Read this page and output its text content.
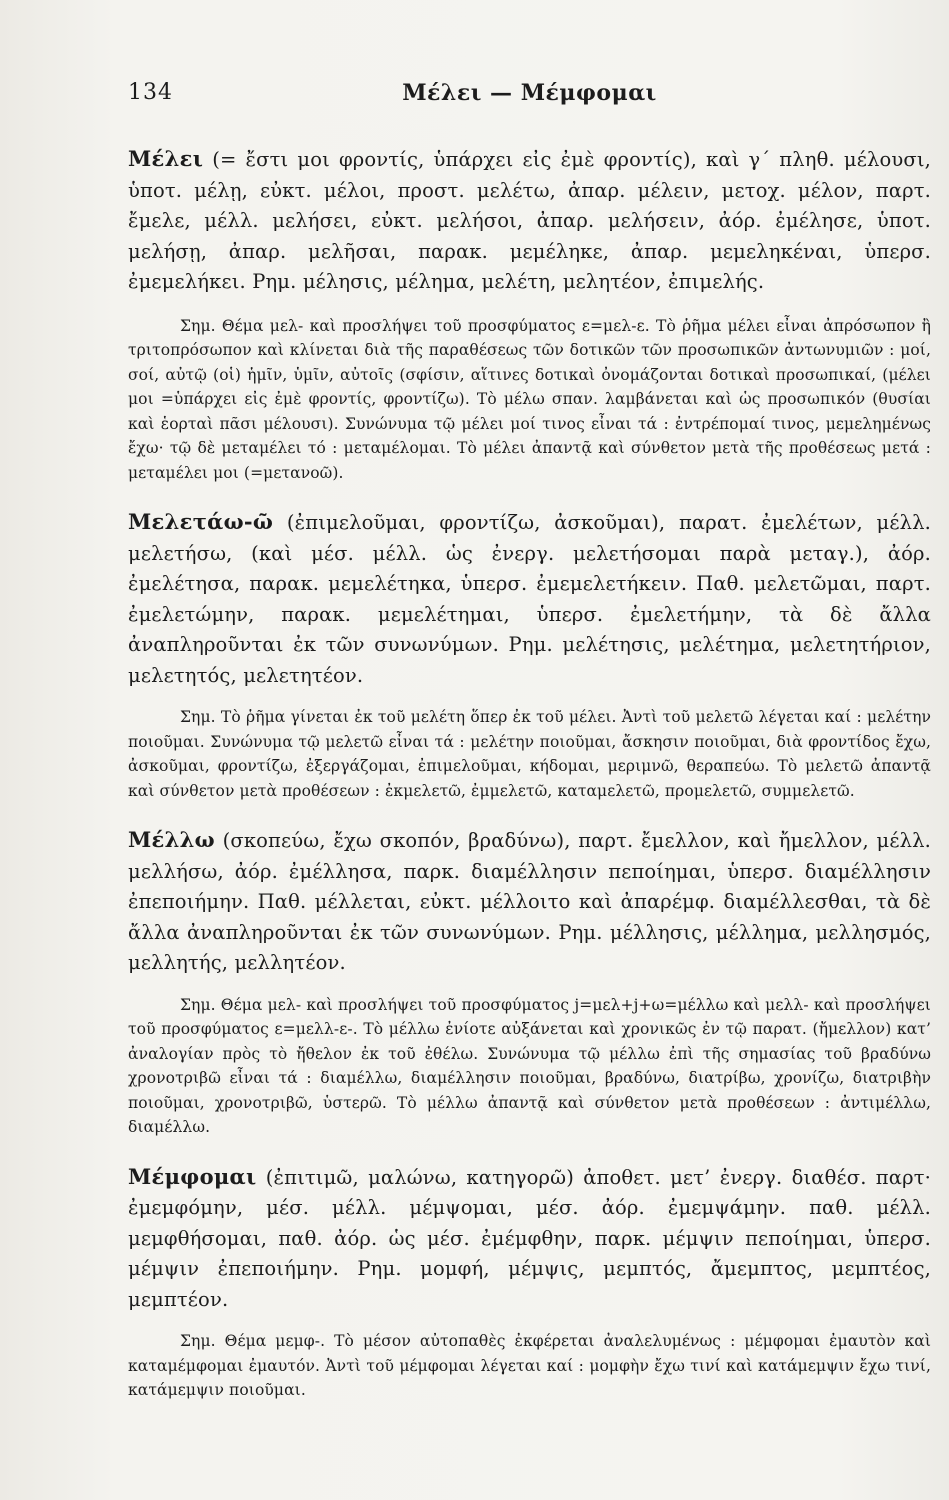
134	Μέλει — Μέμφομαι
Μέλει (= ἔστι μοι φροντίς, ὑπάρχει εἰς ἐμὲ φροντίς), καὶ γ΄ πληθ. μέλουσι, ὑποτ. μέλῃ, εὐκτ. μέλοι, προστ. μελέτω, ἀπαρ. μέλειν, μετοχ. μέλον, παρτ. ἔμελε, μέλλ. μελήσει, εὐκτ. μελήσοι, ἀπαρ. μελήσειν, ἀόρ. ἐμέλησε, ὑποτ. μελήσῃ, ἀπαρ. μελῆσαι, παρακ. μεμέληκε, ἀπαρ. μεμεληκέναι, ὑπερσ. ἐμεμελήκει. Ρημ. μέλησις, μέλημα, μελέτη, μελητέον, ἐπιμελής.
Σημ. Θέμα μελ- καὶ προσλήψει τοῦ προσφύματος ε=μελ-ε. Τὸ ῥῆμα μέλει εἶναι ἀπρόσωπον ἢ τριτοπρόσωπον καὶ κλίνεται διὰ τῆς παραθέσεως τῶν δοτικῶν τῶν προσωπικῶν ἀντωνυμιῶν : μοί, σοί, αὐτῷ (οἱ) ἡμῖν, ὑμῖν, αὐτοῖς (σφίσιν, αἵτινες δοτικαὶ ὀνομάζονται δοτικαὶ προσωπικαί, (μέλει μοι =ὑπάρχει εἰς ἐμὲ φροντίς, φροντίζω). Τὸ μέλω σπαν. λαμβάνεται καὶ ὡς προσωπικόν (θυσίαι καὶ ἑορταὶ πᾶσι μέλουσι). Συνώνυμα τῷ μέλει μοί τινος εἶναι τά : ἐντρέπομαί τινος, μεμελημένως ἔχω· τῷ δὲ μεταμέλει τό : μεταμέλομαι. Τὸ μέλει ἀπαντᾷ καὶ σύνθετον μετὰ τῆς προθέσεως μετά : μεταμέλει μοι (=μετανοῶ).
Μελετάω-ῶ (ἐπιμελοῦμαι, φροντίζω, ἀσκοῦμαι), παρατ. ἐμελέτων, μέλλ. μελετήσω, (καὶ μέσ. μέλλ. ὡς ἐνεργ. μελετήσομαι παρὰ μεταγ.), ἀόρ. ἐμελέτησα, παρακ. μεμελέτηκα, ὑπερσ. ἐμεμελετήκειν. Παθ. μελετῶμαι, παρτ. ἐμελετώμην, παρακ. μεμελέτημαι, ὑπερσ. ἐμελετήμην, τὰ δὲ ἄλλα ἀναπληροῦνται ἐκ τῶν συνωνύμων. Ρημ. μελέτησις, μελέτημα, μελετητήριον, μελετητός, μελετητέον.
Σημ. Τὸ ῥῆμα γίνεται ἐκ τοῦ μελέτη ὅπερ ἐκ τοῦ μέλει. Ἀντὶ τοῦ μελετῶ λέγεται καί : μελέτην ποιοῦμαι. Συνώνυμα τῷ μελετῶ εἶναι τά : μελέτην ποιοῦμαι, ἄσκησιν ποιοῦμαι, διὰ φροντίδος ἔχω, ἀσκοῦμαι, φροντίζω, ἐξεργάζομαι, ἐπιμελοῦμαι, κήδομαι, μεριμνῶ, θεραπεύω. Τὸ μελετῶ ἀπαντᾷ καὶ σύνθετον μετὰ προθέσεων : ἐκμελετῶ, ἐμμελετῶ, καταμελετῶ, προμελετῶ, συμμελετῶ.
Μέλλω (σκοπεύω, ἔχω σκοπόν, βραδύνω), παρτ. ἔμελλον, καὶ ἤμελλον, μέλλ. μελλήσω, ἀόρ. ἐμέλλησα, παρκ. διαμέλλησιν πεποίημαι, ὑπερσ. διαμέλλησιν ἐπεποιήμην. Παθ. μέλλεται, εὐκτ. μέλλοιτο καὶ ἀπαρέμφ. διαμέλλεσθαι, τὰ δὲ ἄλλα ἀναπληροῦνται ἐκ τῶν συνωνύμων. Ρημ. μέλλησις, μέλλημα, μελλησμός, μελλητής, μελλητέον.
Σημ. Θέμα μελ- καὶ προσλήψει τοῦ προσφύματος j=μελ+j+ω=μέλλω καὶ μελλ- καὶ προσλήψει τοῦ προσφύματος ε=μελλ-ε-. Τὸ μέλλω ἐνίοτε αὐξάνεται καὶ χρονικῶς ἐν τῷ παρατ. (ἤμελλον) κατ’ ἀναλογίαν πρὸς τὸ ἤθελον ἐκ τοῦ ἐθέλω. Συνώνυμα τῷ μέλλω ἐπὶ τῆς σημασίας τοῦ βραδύνω χρονοτριβῶ εἶναι τά : διαμέλλω, διαμέλλησιν ποιοῦμαι, βραδύνω, διατρίβω, χρονίζω, διατριβὴν ποιοῦμαι, χρονοτριβῶ, ὑστερῶ. Τὸ μέλλω ἀπαντᾷ καὶ σύνθετον μετὰ προθέσεων : ἀντιμέλλω, διαμέλλω.
Μέμφομαι (ἐπιτιμῶ, μαλώνω, κατηγορῶ) ἀποθετ. μετ’ ἐνεργ. διαθέσ. παρτ· ἐμεμφόμην, μέσ. μέλλ. μέμψομαι, μέσ. ἀόρ. ἐμεμψάμην. παθ. μέλλ. μεμφθήσομαι, παθ. ἀόρ. ὡς μέσ. ἐμέμφθην, παρκ. μέμψιν πεποίημαι, ὑπερσ. μέμψιν ἐπεποιήμην. Ρημ. μομφή, μέμψις, μεμπτός, ἄμεμπτος, μεμπτέος, μεμπτέον.
Σημ. Θέμα μεμφ-. Τὸ μέσον αὐτοπαθὲς ἐκφέρεται ἀναλελυμένως : μέμφομαι ἐμαυτὸν καὶ καταμέμφομαι ἐμαυτόν. Ἀντὶ τοῦ μέμφομαι λέγεται καί : μομφὴν ἔχω τινί καὶ κατάμεμψιν ἔχω τινί, κατάμεμψιν ποιοῦμαι.
